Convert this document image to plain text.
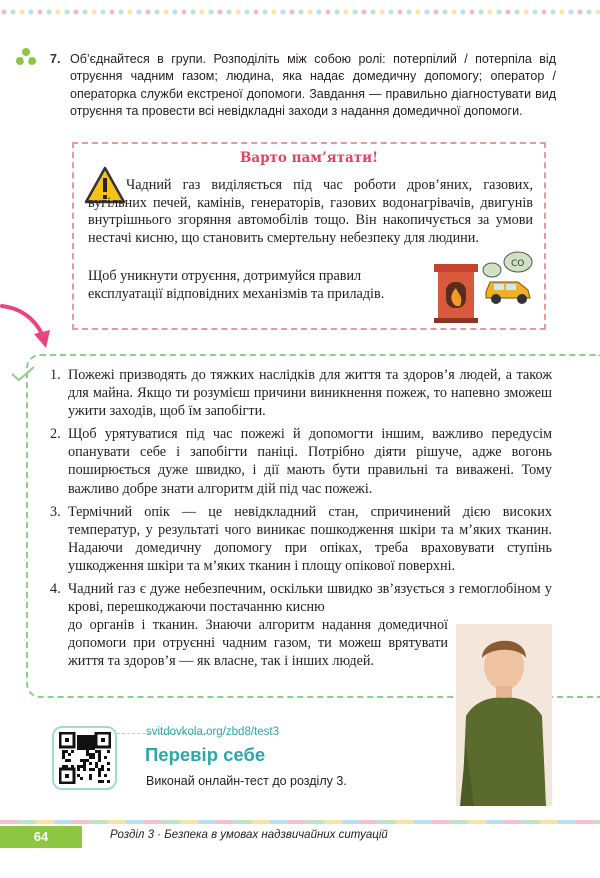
7. Об’єднайтеся в групи. Розподіліть між собою ролі: потерпілий / потерпіла від отруєння чадним газом; людина, яка надає домедичну допомогу; оператор / операторка служби екстреної допомоги. Завдання — правильно діагностувати вид отруєння та провести всі невідкладні заходи з надання домедичної допомоги.
Варто пам’ятати!
Чадний газ виділяється під час роботи дров’яних, газових, вугільних печей, камінів, генераторів, газових водонагрівачів, двигунів внутрішнього згоряння автомобілів тощо. Він накопичується за умови нестачі кисню, що становить смертельну небезпеку для людини.
Щоб уникнути отруєння, дотримуйся правил експлуатації відповідних механізмів та приладів.
CO
1. Пожежі призводять до тяжких наслідків для життя та здоров’я людей, а також для майна. Якщо ти розумієш причини виникнення пожеж, то напевно зможеш ужити заходів, щоб їм запобігти.
2. Щоб урятуватися під час пожежі й допомогти іншим, важливо передусім опанувати себе і запобігти паніці. Потрібно діяти рішуче, адже вогонь поширюється дуже швидко, і дії мають бути правильні та виважені. Тому важливо добре знати алгоритм дій під час пожежі.
3. Термічний опік — це невідкладний стан, спричинений дією високих температур, у результаті чого виникає пошкодження шкіри та м’яких тканин. Надаючи домедичну допомогу при опіках, треба враховувати ступінь ушкодження шкіри та м’яких тканин і площу опікової поверхні.
4. Чадний газ є дуже небезпечним, оскільки швидко зв’язується з гемоглобіном у крові, перешкоджаючи постачанню кисню
до органів і тканин. Знаючи алгоритм надання домедичної допомоги при отруєнні чадним газом, ти можеш врятувати життя та здоров’я — як власне, так і інших людей.
svitdovkola.org/zbd8/test3
Перевір себе
Виконай онлайн-тест до розділу 3.
64	Розділ 3 · Безпека в умовах надзвичайних ситуацій
